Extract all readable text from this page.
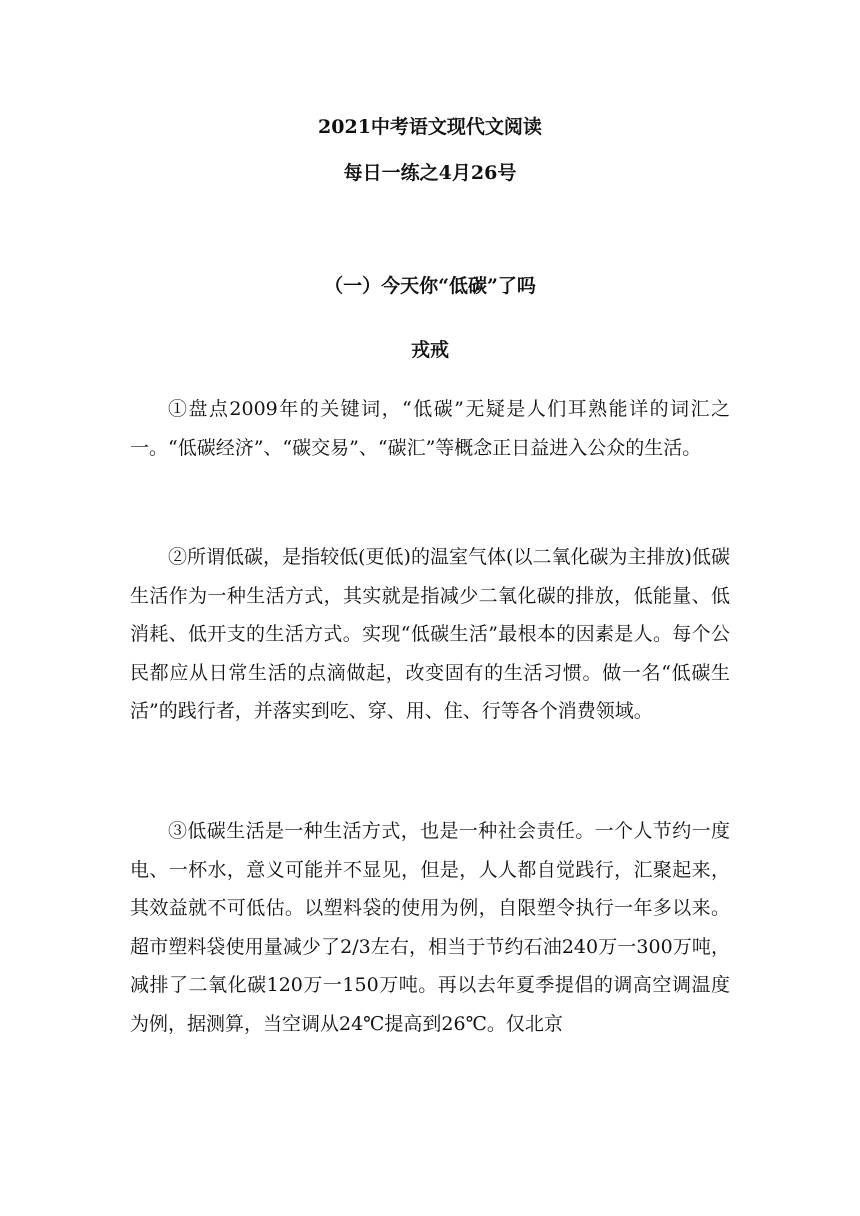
2021中考语文现代文阅读
每日一练之4月26号
（一）今天你“低碳”了吗
戎戒

①盘点2009年的关键词，“低碳”无疑是人们耳熟能详的词汇之一。“低碳经济”、“碳交易”、“碳汇”等概念正日益进入公众的生活。

②所谓低碳，是指较低(更低)的温室气体(以二氧化碳为主排放)低碳生活作为一种生活方式，其实就是指减少二氧化碳的排放，低能量、低消耗、低开支的生活方式。实现“低碳生活”最根本的因素是人。每个公民都应从日常生活的点滴做起，改变固有的生活习惯。做一名“低碳生活”的践行者，并落实到吃、穿、用、住、行等各个消费领域。

③低碳生活是一种生活方式，也是一种社会责任。一个人节约一度电、一杯水，意义可能并不显见，但是，人人都自觉践行，汇聚起来，其效益就不可低估。以塑料袋的使用为例，自限塑令执行一年多以来。超市塑料袋使用量减少了2/3左右，相当于节约石油240万一300万吨，减排了二氧化碳120万一150万吨。再以去年夏季提倡的调高空调温度为例，据测算，当空调从24℃提高到26℃。仅北京
